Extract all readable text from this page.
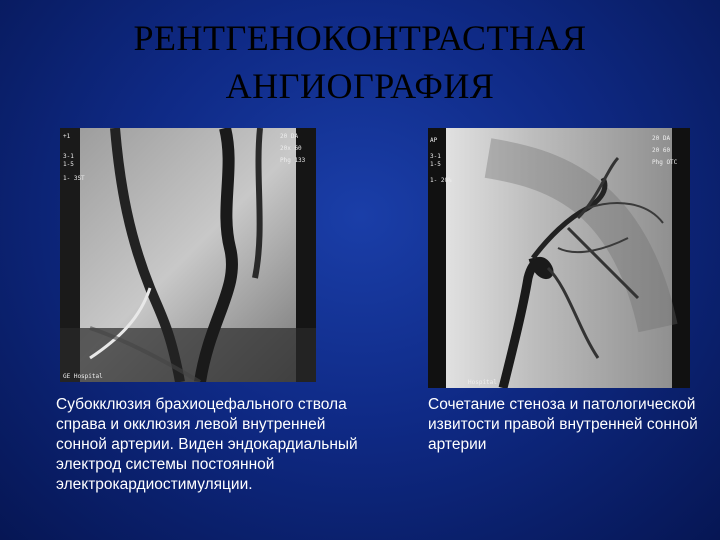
РЕНТГЕНОКОНТРАСТНАЯ
АНГИОГРАФИЯ
+1
3-1
1-5
1- 3ST
20 DA
20x 60
Phg 133
GE Hospital
AP
3-1
1-5
1- 20%
20 DA
20 60
Phg OTC
Hospital
Субокклюзия брахиоцефального ствола справа и окклюзия левой внутренней сонной артерии. Виден эндокардиальный электрод системы постоянной электрокардиостимуляции.
Сочетание стеноза и патологической извитости правой внутренней сонной артерии
